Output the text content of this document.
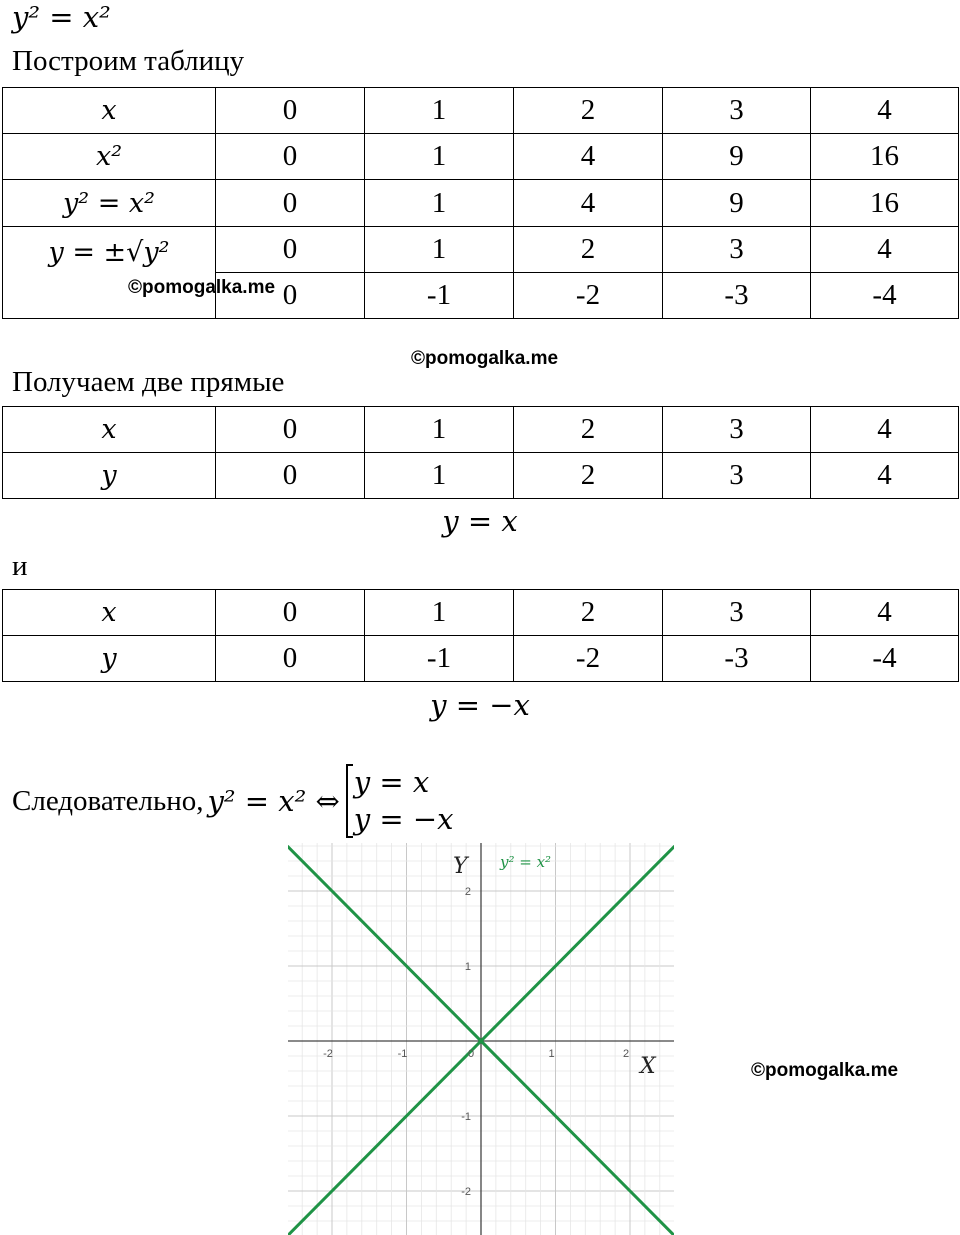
y² = x²
Построим таблицу
x	0	1	2	3	4
x²	0	1	4	9	16
y² = x²	0	1	4	9	16
y = ±√y²	0	1	2	3	4
	0	-1	-2	-3	-4
©pomogalka.me
©pomogalka.me
Получаем две прямые
x	0	1	2	3	4
y	0	1	2	3	4
y = x
и
x	0	1	2	3	4
y	0	-1	-2	-3	-4
y = −x
Следовательно, y² = x² ⇔
y = x
y = −x
-2	-1	0	1	2
2
1
-1
-2
y² = x²
Y
X	©pomogalka.me
